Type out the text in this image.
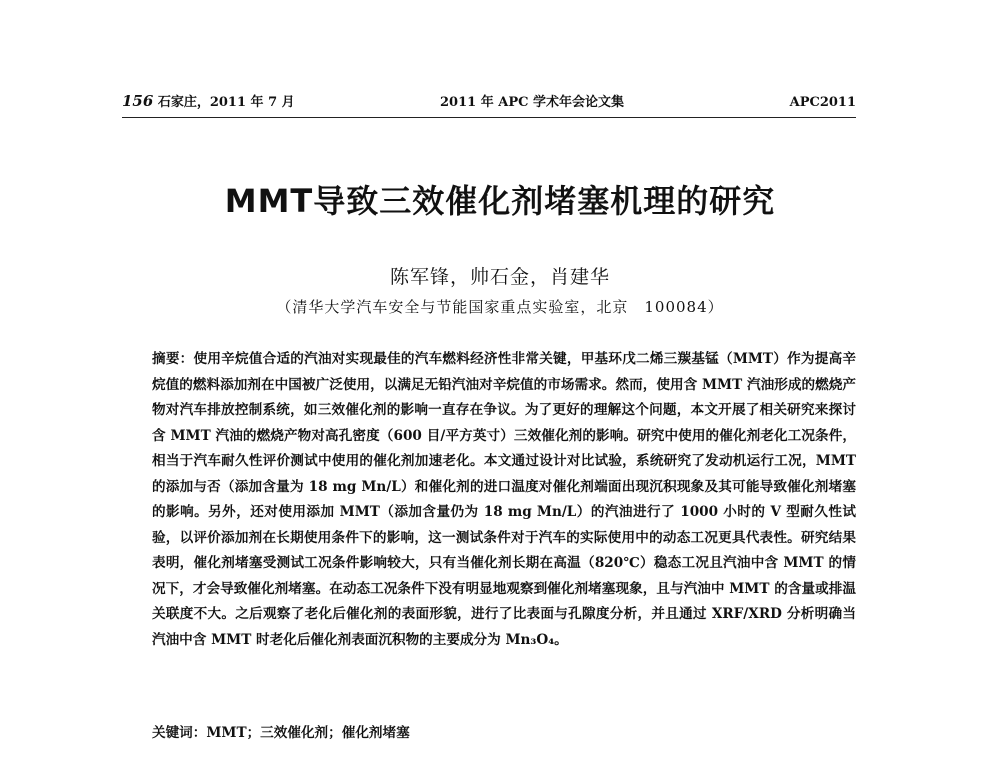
156 石家庄，2011 年 7 月	2011 年 APC 学术年会论文集	APC2011
MMT导致三效催化剂堵塞机理的研究
陈军锋，帅石金，肖建华
（清华大学汽车安全与节能国家重点实验室，北京　100084）
摘要：使用辛烷值合适的汽油对实现最佳的汽车燃料经济性非常关键，甲基环戊二烯三羰基锰（MMT）作为提高辛烷值的燃料添加剂在中国被广泛使用，以满足无铅汽油对辛烷值的市场需求。然而，使用含 MMT 汽油形成的燃烧产物对汽车排放控制系统，如三效催化剂的影响一直存在争议。为了更好的理解这个问题，本文开展了相关研究来探讨含 MMT 汽油的燃烧产物对高孔密度（600 目/平方英寸）三效催化剂的影响。研究中使用的催化剂老化工况条件，相当于汽车耐久性评价测试中使用的催化剂加速老化。本文通过设计对比试验，系统研究了发动机运行工况，MMT 的添加与否（添加含量为 18 mg Mn/L）和催化剂的进口温度对催化剂端面出现沉积现象及其可能导致催化剂堵塞的影响。另外，还对使用添加 MMT（添加含量仍为 18 mg Mn/L）的汽油进行了 1000 小时的 V 型耐久性试验，以评价添加剂在长期使用条件下的影响，这一测试条件对于汽车的实际使用中的动态工况更具代表性。研究结果表明，催化剂堵塞受测试工况条件影响较大，只有当催化剂长期在高温（820℃）稳态工况且汽油中含 MMT 的情况下，才会导致催化剂堵塞。在动态工况条件下没有明显地观察到催化剂堵塞现象，且与汽油中 MMT 的含量或排温关联度不大。之后观察了老化后催化剂的表面形貌，进行了比表面与孔隙度分析，并且通过 XRF/XRD 分析明确当汽油中含 MMT 时老化后催化剂表面沉积物的主要成分为 Mn₃O₄。
关键词：MMT；三效催化剂；催化剂堵塞
